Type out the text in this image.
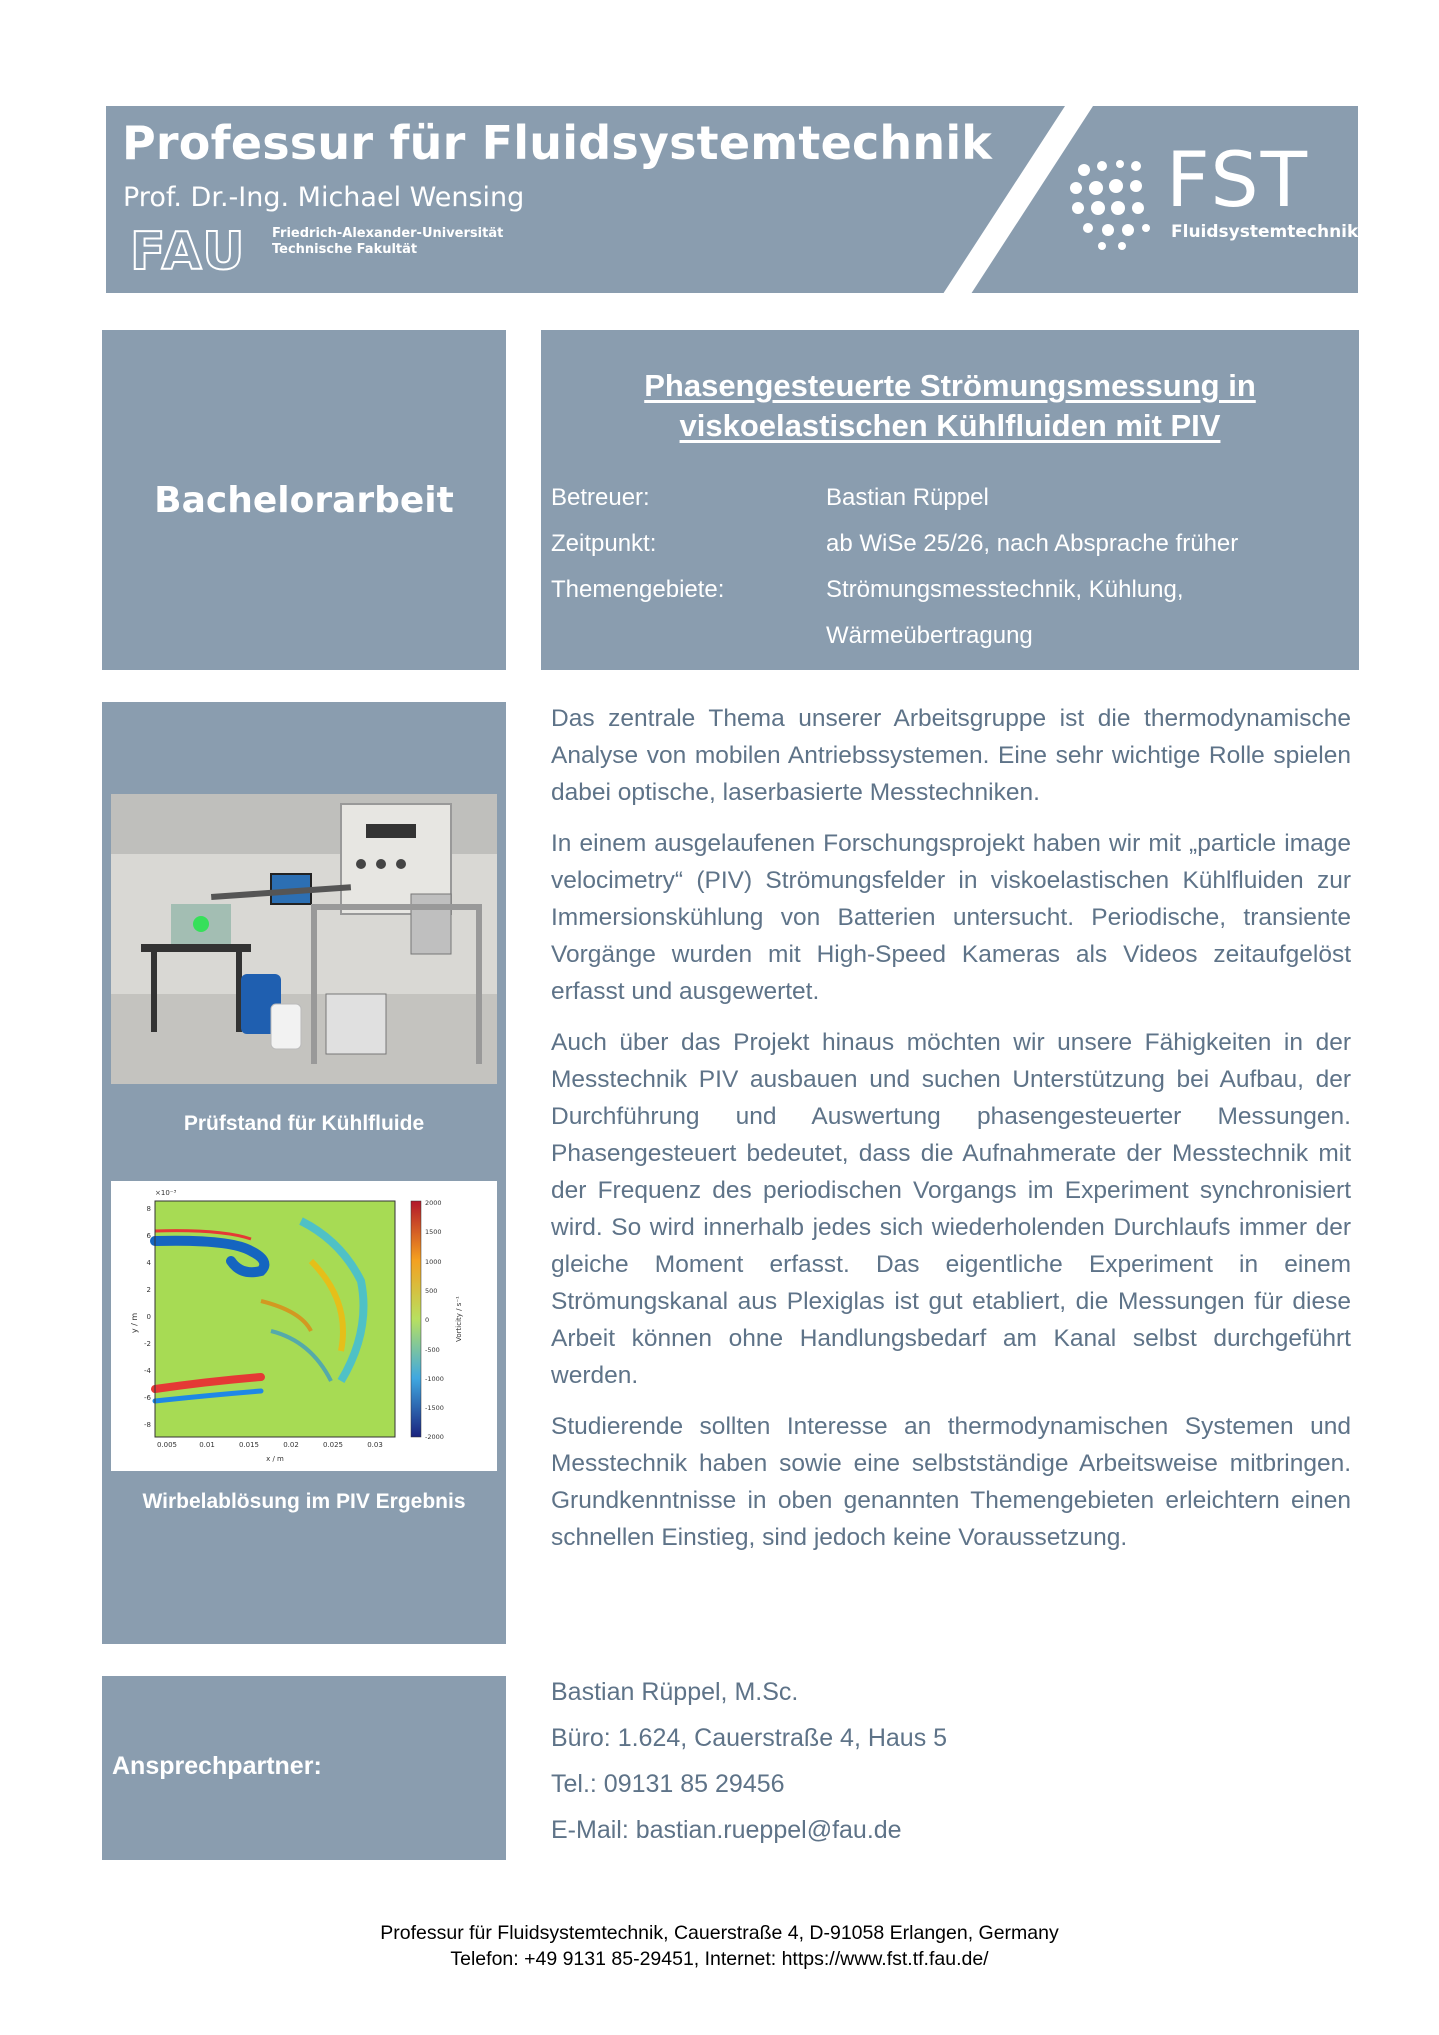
Professur für Fluidsystemtechnik
Prof. Dr.-Ing. Michael Wensing
FAU Friedrich-Alexander-Universität
Technische Fakultät
FST
Fluidsystemtechnik
Bachelorarbeit
Phasengesteuerte Strömungsmessung in
viskoelastischen Kühlfluiden mit PIV
Betreuer:	Bastian Rüppel
Zeitpunkt:	ab WiSe 25/26, nach Absprache früher
Themengebiete:	Strömungsmesstechnik, Kühlung,
Wärmeübertragung
Prüfstand für Kühlfluide
Wirbelablösung im PIV Ergebnis
×10⁻³
8
6
4
2
0
-2
-4
-6
-8
0.005	0.01	0.015	0.02	0.025	0.03
x / m
y / m
2000
1500
1000
500
0
-500
-1000
-1500
-2000
Vorticity / s⁻¹

Das zentrale Thema unserer Arbeitsgruppe ist die thermodynamische Analyse von mobilen Antriebssystemen. Eine sehr wichtige Rolle spielen dabei optische, laserbasierte Messtechniken.

In einem ausgelaufenen Forschungsprojekt haben wir mit „particle image velocimetry“ (PIV) Strömungsfelder in viskoelastischen Kühlfluiden zur Immersionskühlung von Batterien untersucht. Periodische, transiente Vorgänge wurden mit High-Speed Kameras als Videos zeitaufgelöst erfasst und ausgewertet.

Auch über das Projekt hinaus möchten wir unsere Fähigkeiten in der Messtechnik PIV ausbauen und suchen Unterstützung bei Aufbau, der Durchführung und Auswertung phasengesteuerter Messungen. Phasengesteuert bedeutet, dass die Aufnahmerate der Messtechnik mit der Frequenz des periodischen Vorgangs im Experiment synchronisiert wird. So wird innerhalb jedes sich wiederholenden Durchlaufs immer der gleiche Moment erfasst. Das eigentliche Experiment in einem Strömungskanal aus Plexiglas ist gut etabliert, die Messungen für diese Arbeit können ohne Handlungsbedarf am Kanal selbst durchgeführt werden.

Studierende sollten Interesse an thermodynamischen Systemen und Messtechnik haben sowie eine selbstständige Arbeitsweise mitbringen. Grundkenntnisse in oben genannten Themengebieten erleichtern einen schnellen Einstieg, sind jedoch keine Voraussetzung.

Ansprechpartner:
Bastian Rüppel, M.Sc.
Büro: 1.624, Cauerstraße 4, Haus 5
Tel.: 09131 85 29456
E-Mail: bastian.rueppel@fau.de
Professur für Fluidsystemtechnik, Cauerstraße 4, D-91058 Erlangen, Germany
Telefon: +49 9131 85-29451, Internet: https://www.fst.tf.fau.de/
